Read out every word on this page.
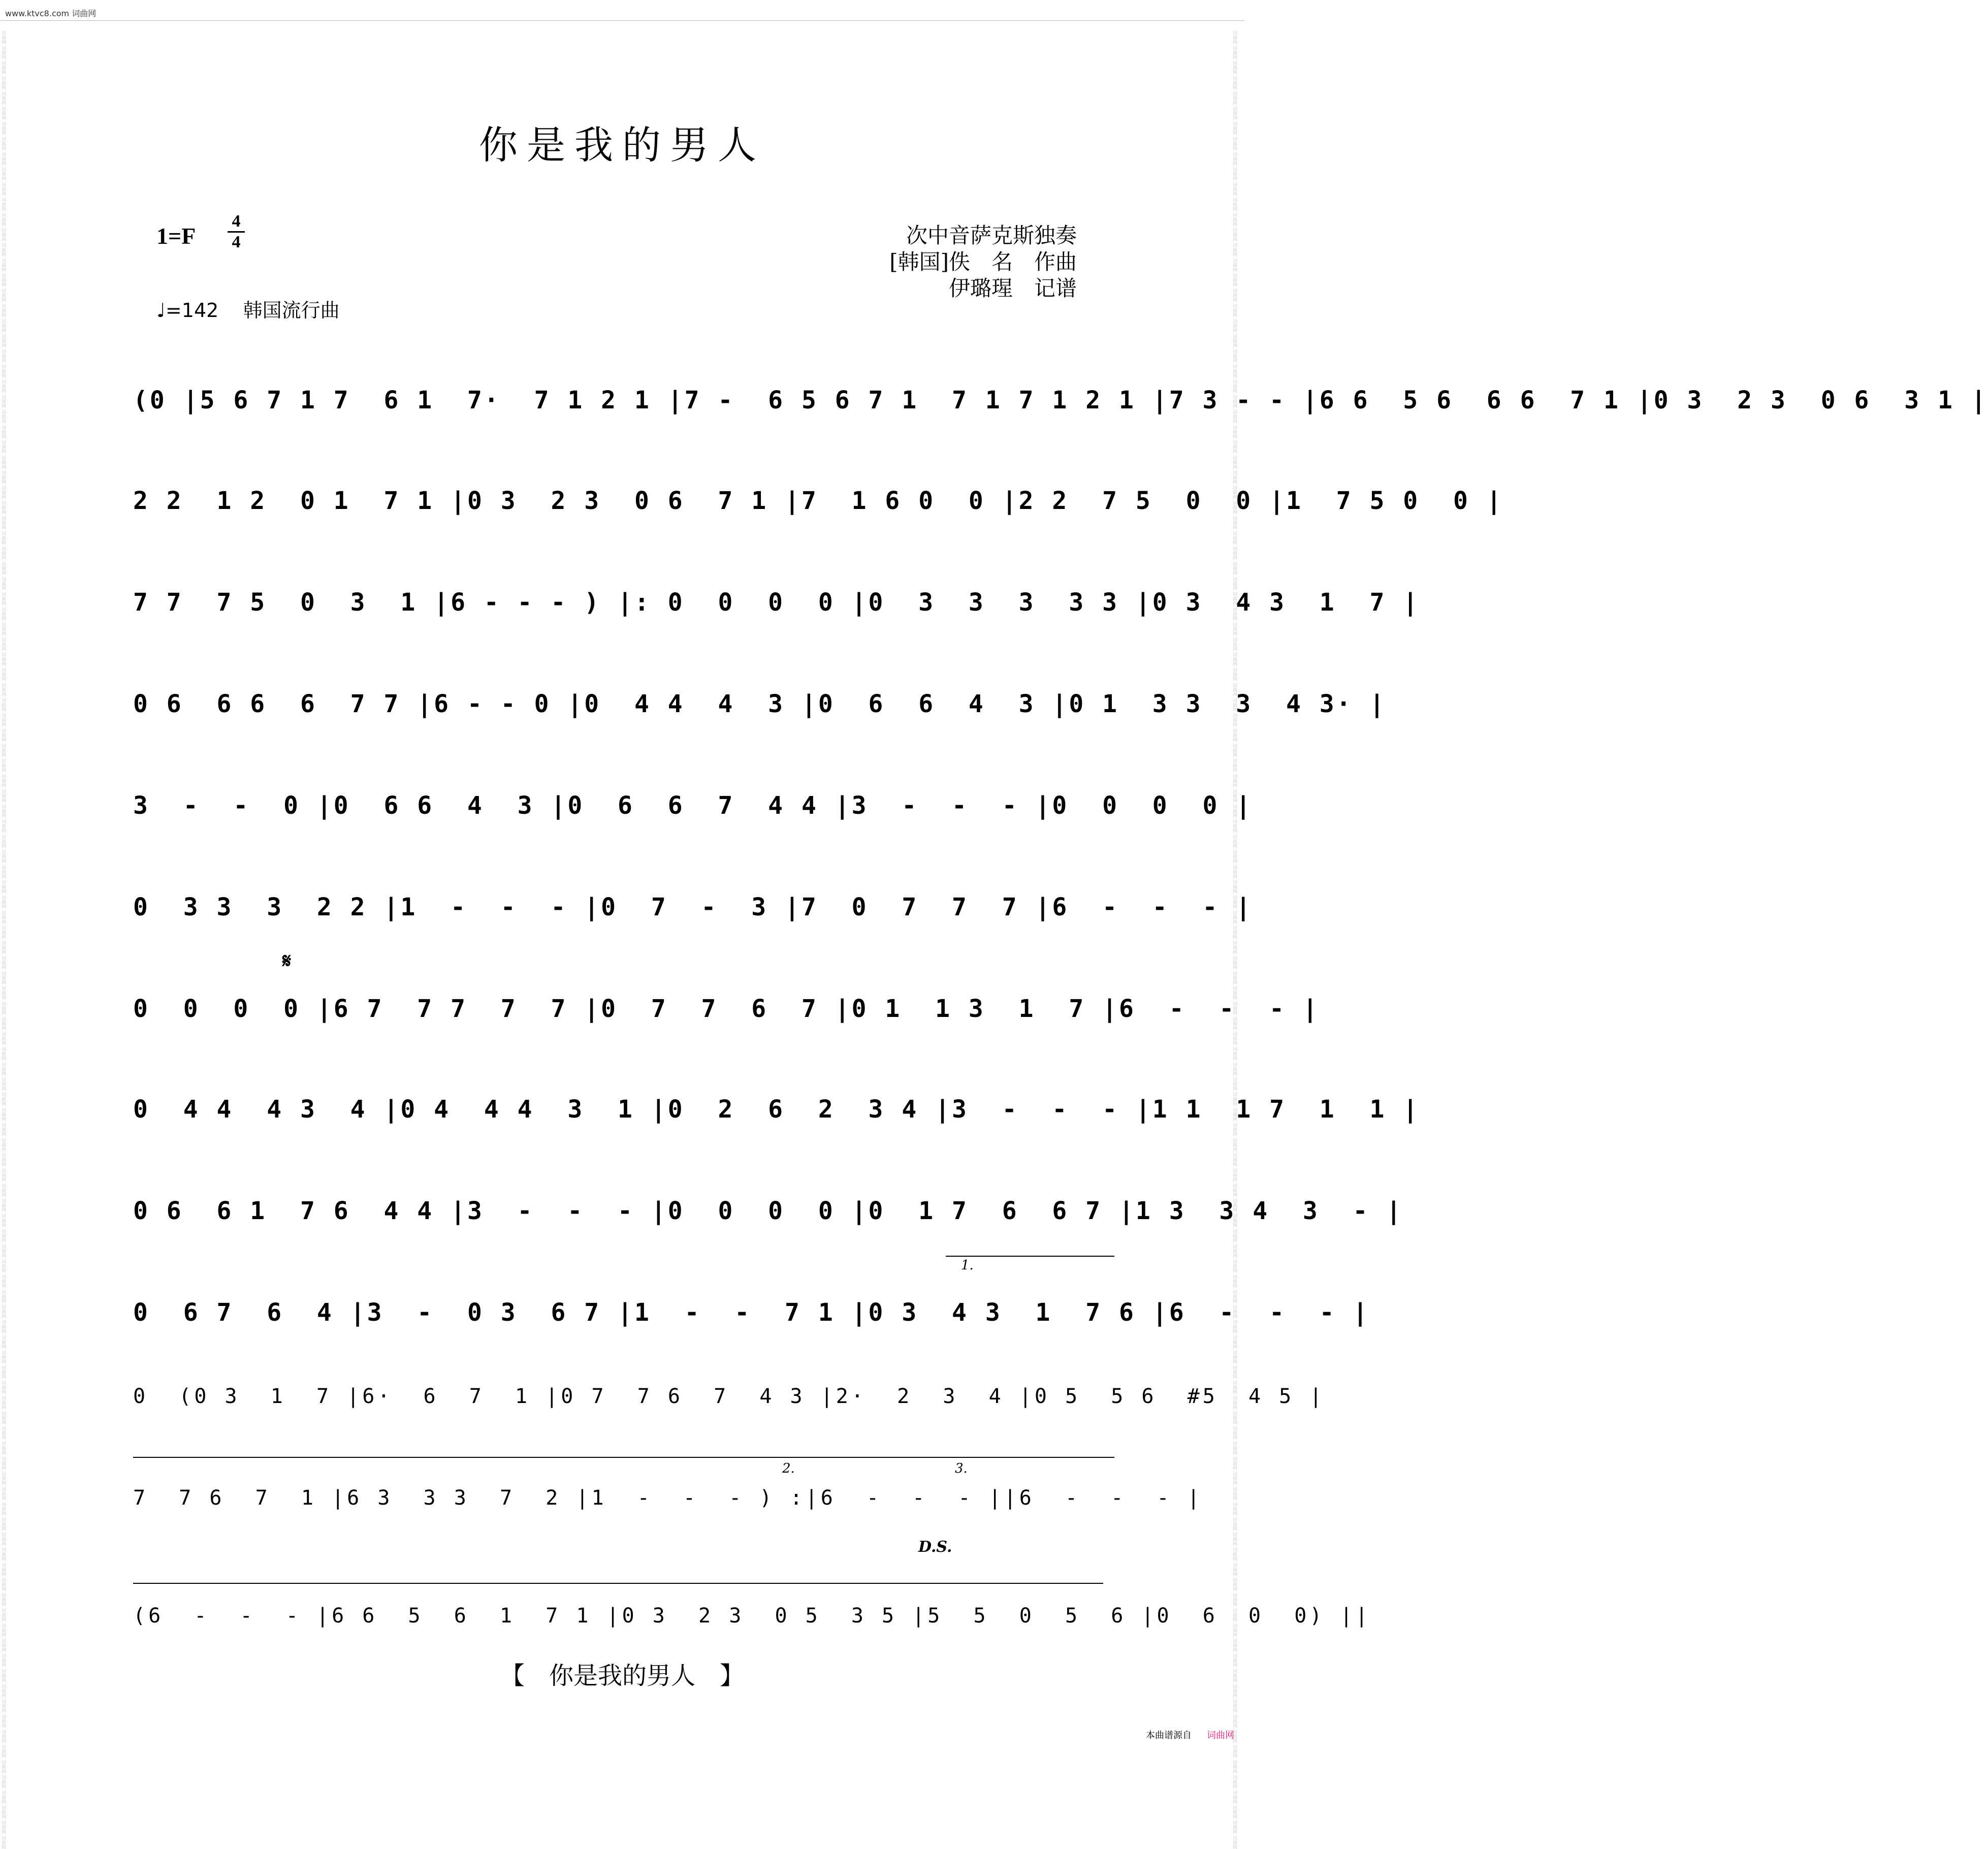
词曲网 词曲网 词曲网 词曲网 词曲网 词曲网 词曲网 词曲网 词曲网 词曲网 词曲网 词曲网 词曲网 词曲网 词曲网 词曲网 词曲网 词曲网 词曲网 词曲网 词曲网 词曲网 词曲网 词曲网 词曲网 词曲网 词曲网 词曲网 词曲网 词曲网 词曲网 词曲网 词曲网 词曲网 词曲网 词曲网 词曲网 词曲网 词曲网 词曲网 词曲网 词曲网 词曲网 词曲网 词曲网 词曲网 词曲网 词曲网 词曲网 词曲网 词曲网 词曲网 词曲网 词曲网 词曲网 词曲网 词曲网 词曲网 词曲网 词曲网 词曲网 词曲网 词曲网 词曲网 词曲网 词曲网 词曲网 词曲网 词曲网 词曲网 词曲网 词曲网 词曲网 词曲网 词曲网 词曲网 词曲网 词曲网 词曲网 词曲网 词曲网 词曲网 词曲网 词曲网 词曲网 词曲网 词曲网 词曲网 词曲网 词曲网 词曲网 词曲网 词曲网 词曲网 词曲网 词曲网 词曲网 词曲网 词曲网 词曲网 词曲网 词曲网 词曲网 词曲网 词曲网 词曲网 词曲网 词曲网 词曲网 词曲网 词曲网 词曲网 词曲网 词曲网 词曲网 词曲网 词曲网 词曲网 词曲网 词曲网	词曲网 词曲网 词曲网 词曲网 词曲网 词曲网 词曲网 词曲网 词曲网 词曲网 词曲网 词曲网 词曲网 词曲网 词曲网 词曲网 词曲网 词曲网 词曲网 词曲网 词曲网 词曲网 词曲网 词曲网 词曲网 词曲网 词曲网 词曲网 词曲网 词曲网 词曲网 词曲网 词曲网 词曲网 词曲网 词曲网 词曲网 词曲网 词曲网 词曲网 词曲网 词曲网 词曲网 词曲网 词曲网 词曲网 词曲网 词曲网 词曲网 词曲网 词曲网 词曲网 词曲网 词曲网 词曲网 词曲网 词曲网 词曲网 词曲网 词曲网 词曲网 词曲网 词曲网 词曲网 词曲网 词曲网 词曲网 词曲网 词曲网 词曲网 词曲网 词曲网 词曲网 词曲网 词曲网 词曲网 词曲网 词曲网 词曲网 词曲网 词曲网 词曲网 词曲网 词曲网 词曲网 词曲网 词曲网 词曲网 词曲网 词曲网 词曲网 词曲网 词曲网 词曲网 词曲网 词曲网 词曲网 词曲网 词曲网 词曲网 词曲网 词曲网 词曲网 词曲网 词曲网 词曲网 词曲网 词曲网 词曲网 词曲网 词曲网 词曲网 词曲网 词曲网 词曲网 词曲网 词曲网 词曲网 词曲网 词曲网
www.ktvc8.com 词曲网
你是我的男人
1=F
4
4
♩=142 韩国流行曲
次中音萨克斯独奏
[韩国]佚　名　作曲
伊璐瑆　记谱
(0 |5 6 7 1 7  6 1  7·  7 1 2 1 |7 -  6 5 6 7 1  7 1 7 1 2 1 |7 3 - - |6 6  5 6  6 6  7 1 |0 3  2 3  0 6  3 1 |
2 2  1 2  0 1  7 1 |0 3  2 3  0 6  7 1 |7  1 6 0  0 |2 2  7 5  0  0 |1  7 5 0  0 |
7 7  7 5  0  3  1 |6 - - - ) |: 0  0  0  0 |0  3  3  3  3 3 |0 3  4 3  1  7 |
0 6  6 6  6  7 7 |6 - - 0 |0  4 4  4  3 |0  6  6  4  3 |0 1  3 3  3  4 3· |
3  -  -  0 |0  6 6  4  3 |0  6  6  7  4 4 |3  -  -  - |0  0  0  0 |
0  3 3  3  2 2 |1  -  -  - |0  7  -  3 |7  0  7  7  7 |6  -  -  - |
0  0  0  0 |6 7  7 7  7  7 |0  7  7  6  7 |0 1  1 3  1  7 |6  -  -  - |
0  4 4  4 3  4 |0 4  4 4  3  1 |0  2  6  2  3 4 |3  -  -  - |1 1  1 7  1  1 |
0 6  6 1  7 6  4 4 |3  -  -  - |0  0  0  0 |0  1 7  6  6 7 |1 3  3 4  3  - |
0  6 7  6  4 |3  -  0 3  6 7 |1  -  -  7 1 |0 3  4 3  1  7 6 |6  -  -  - |
0  (0 3  1  7 |6·  6  7  1 |0 7  7 6  7  4 3 |2·  2  3  4 |0 5  5 6  #5  4 5 |
7  7 6  7  1 |6 3  3 3  7  2 |1  -  -  - ) :|6  -  -  - ||6  -  -  - |
(6  -  -  - |6 6  5  6  1  7 1 |0 3  2 3  0 5  3 5 |5  5  0  5  6 |0  6  0  0) ||
1.
2.	3.
D.S.
𝄋
【　你是我的男人　】
本曲谱源自 词曲网
